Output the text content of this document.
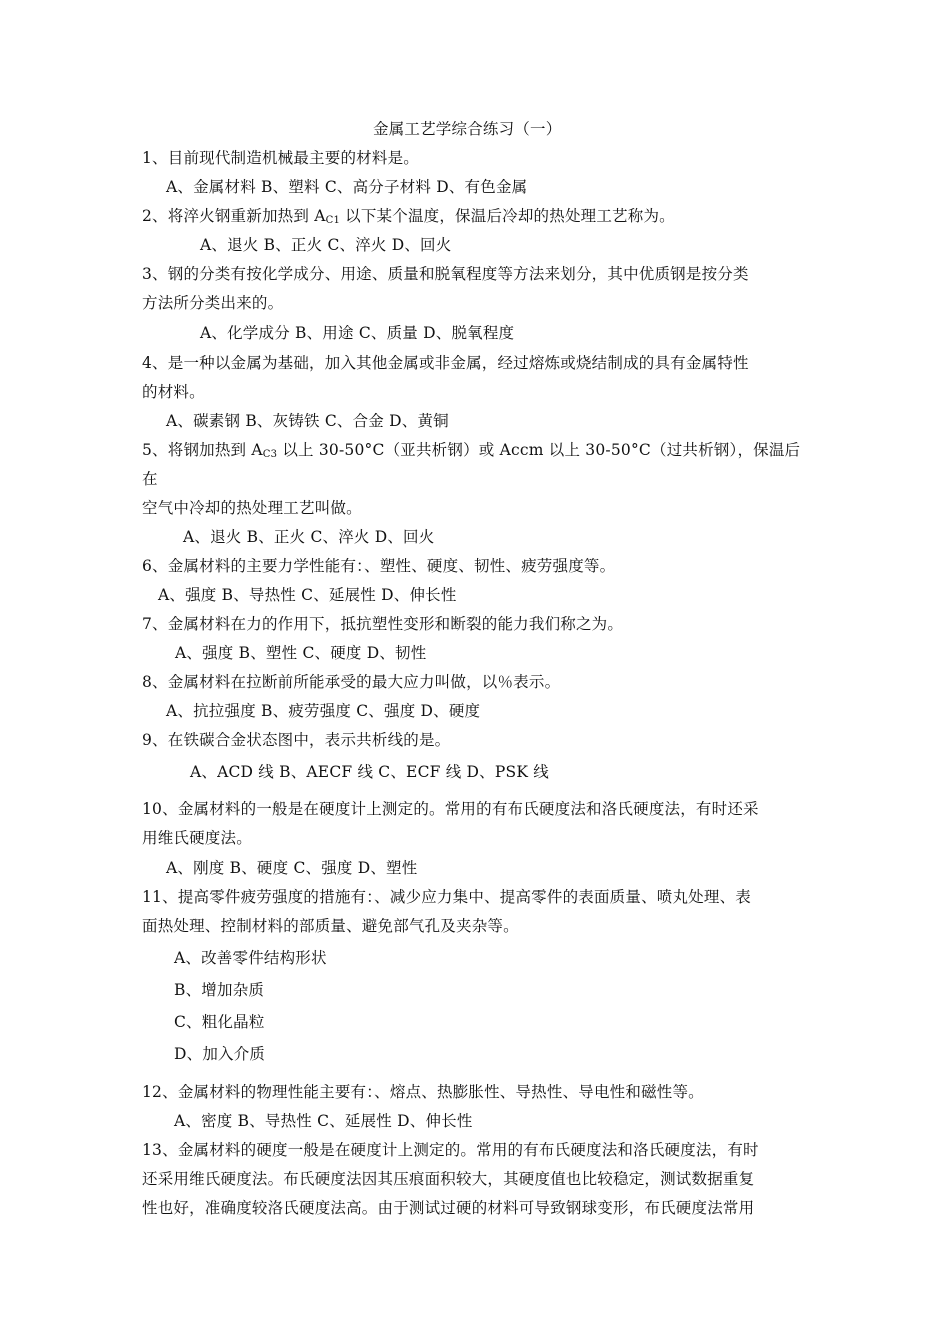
金属工艺学综合练习（一）
1、目前现代制造机械最主要的材料是。
A、金属材料 B、塑料 C、高分子材料 D、有色金属
2、将淬火钢重新加热到 $A_{C1}$ 以下某个温度，保温后冷却的热处理工艺称为。
A、退火 B、正火 C、淬火 D、回火
3、钢的分类有按化学成分、用途、质量和脱氧程度等方法来划分，其中优质钢是按分类
方法所分类出来的。
A、化学成分 B、用途 C、质量 D、脱氧程度
4、是一种以金属为基础，加入其他金属或非金属，经过熔炼或烧结制成的具有金属特性
的材料。
A、碳素钢 B、灰铸铁 C、合金 D、黄铜
5、将钢加热到 $A_{C3}$ 以上 30-50°C（亚共析钢）或 Accm 以上 30-50°C（过共析钢），保温后
在
空气中冷却的热处理工艺叫做。
A、退火 B、正火 C、淬火 D、回火
6、金属材料的主要力学性能有：、塑性、硬度、韧性、疲劳强度等。
A、强度 B、导热性 C、延展性 D、伸长性
7、金属材料在力的作用下，抵抗塑性变形和断裂的能力我们称之为。
A、强度 B、塑性 C、硬度 D、韧性
8、金属材料在拉断前所能承受的最大应力叫做，以％表示。
A、抗拉强度 B、疲劳强度 C、强度 D、硬度
9、在铁碳合金状态图中，表示共析线的是。
A、ACD 线 B、AECF 线 C、ECF 线 D、PSK 线
10、金属材料的一般是在硬度计上测定的。常用的有布氏硬度法和洛氏硬度法，有时还采
用维氏硬度法。
A、刚度 B、硬度 C、强度 D、塑性
11、提高零件疲劳强度的措施有：、减少应力集中、提高零件的表面质量、喷丸处理、表
面热处理、控制材料的部质量、避免部气孔及夹杂等。
A、改善零件结构形状
B、增加杂质
C、粗化晶粒
D、加入介质
12、金属材料的物理性能主要有：、熔点、热膨胀性、导热性、导电性和磁性等。
A、密度 B、导热性 C、延展性 D、伸长性
13、金属材料的硬度一般是在硬度计上测定的。常用的有布氏硬度法和洛氏硬度法，有时
还采用维氏硬度法。布氏硬度法因其压痕面积较大，其硬度值也比较稳定，测试数据重复
性也好，准确度较洛氏硬度法高。由于测试过硬的材料可导致钢球变形，布氏硬度法常用
